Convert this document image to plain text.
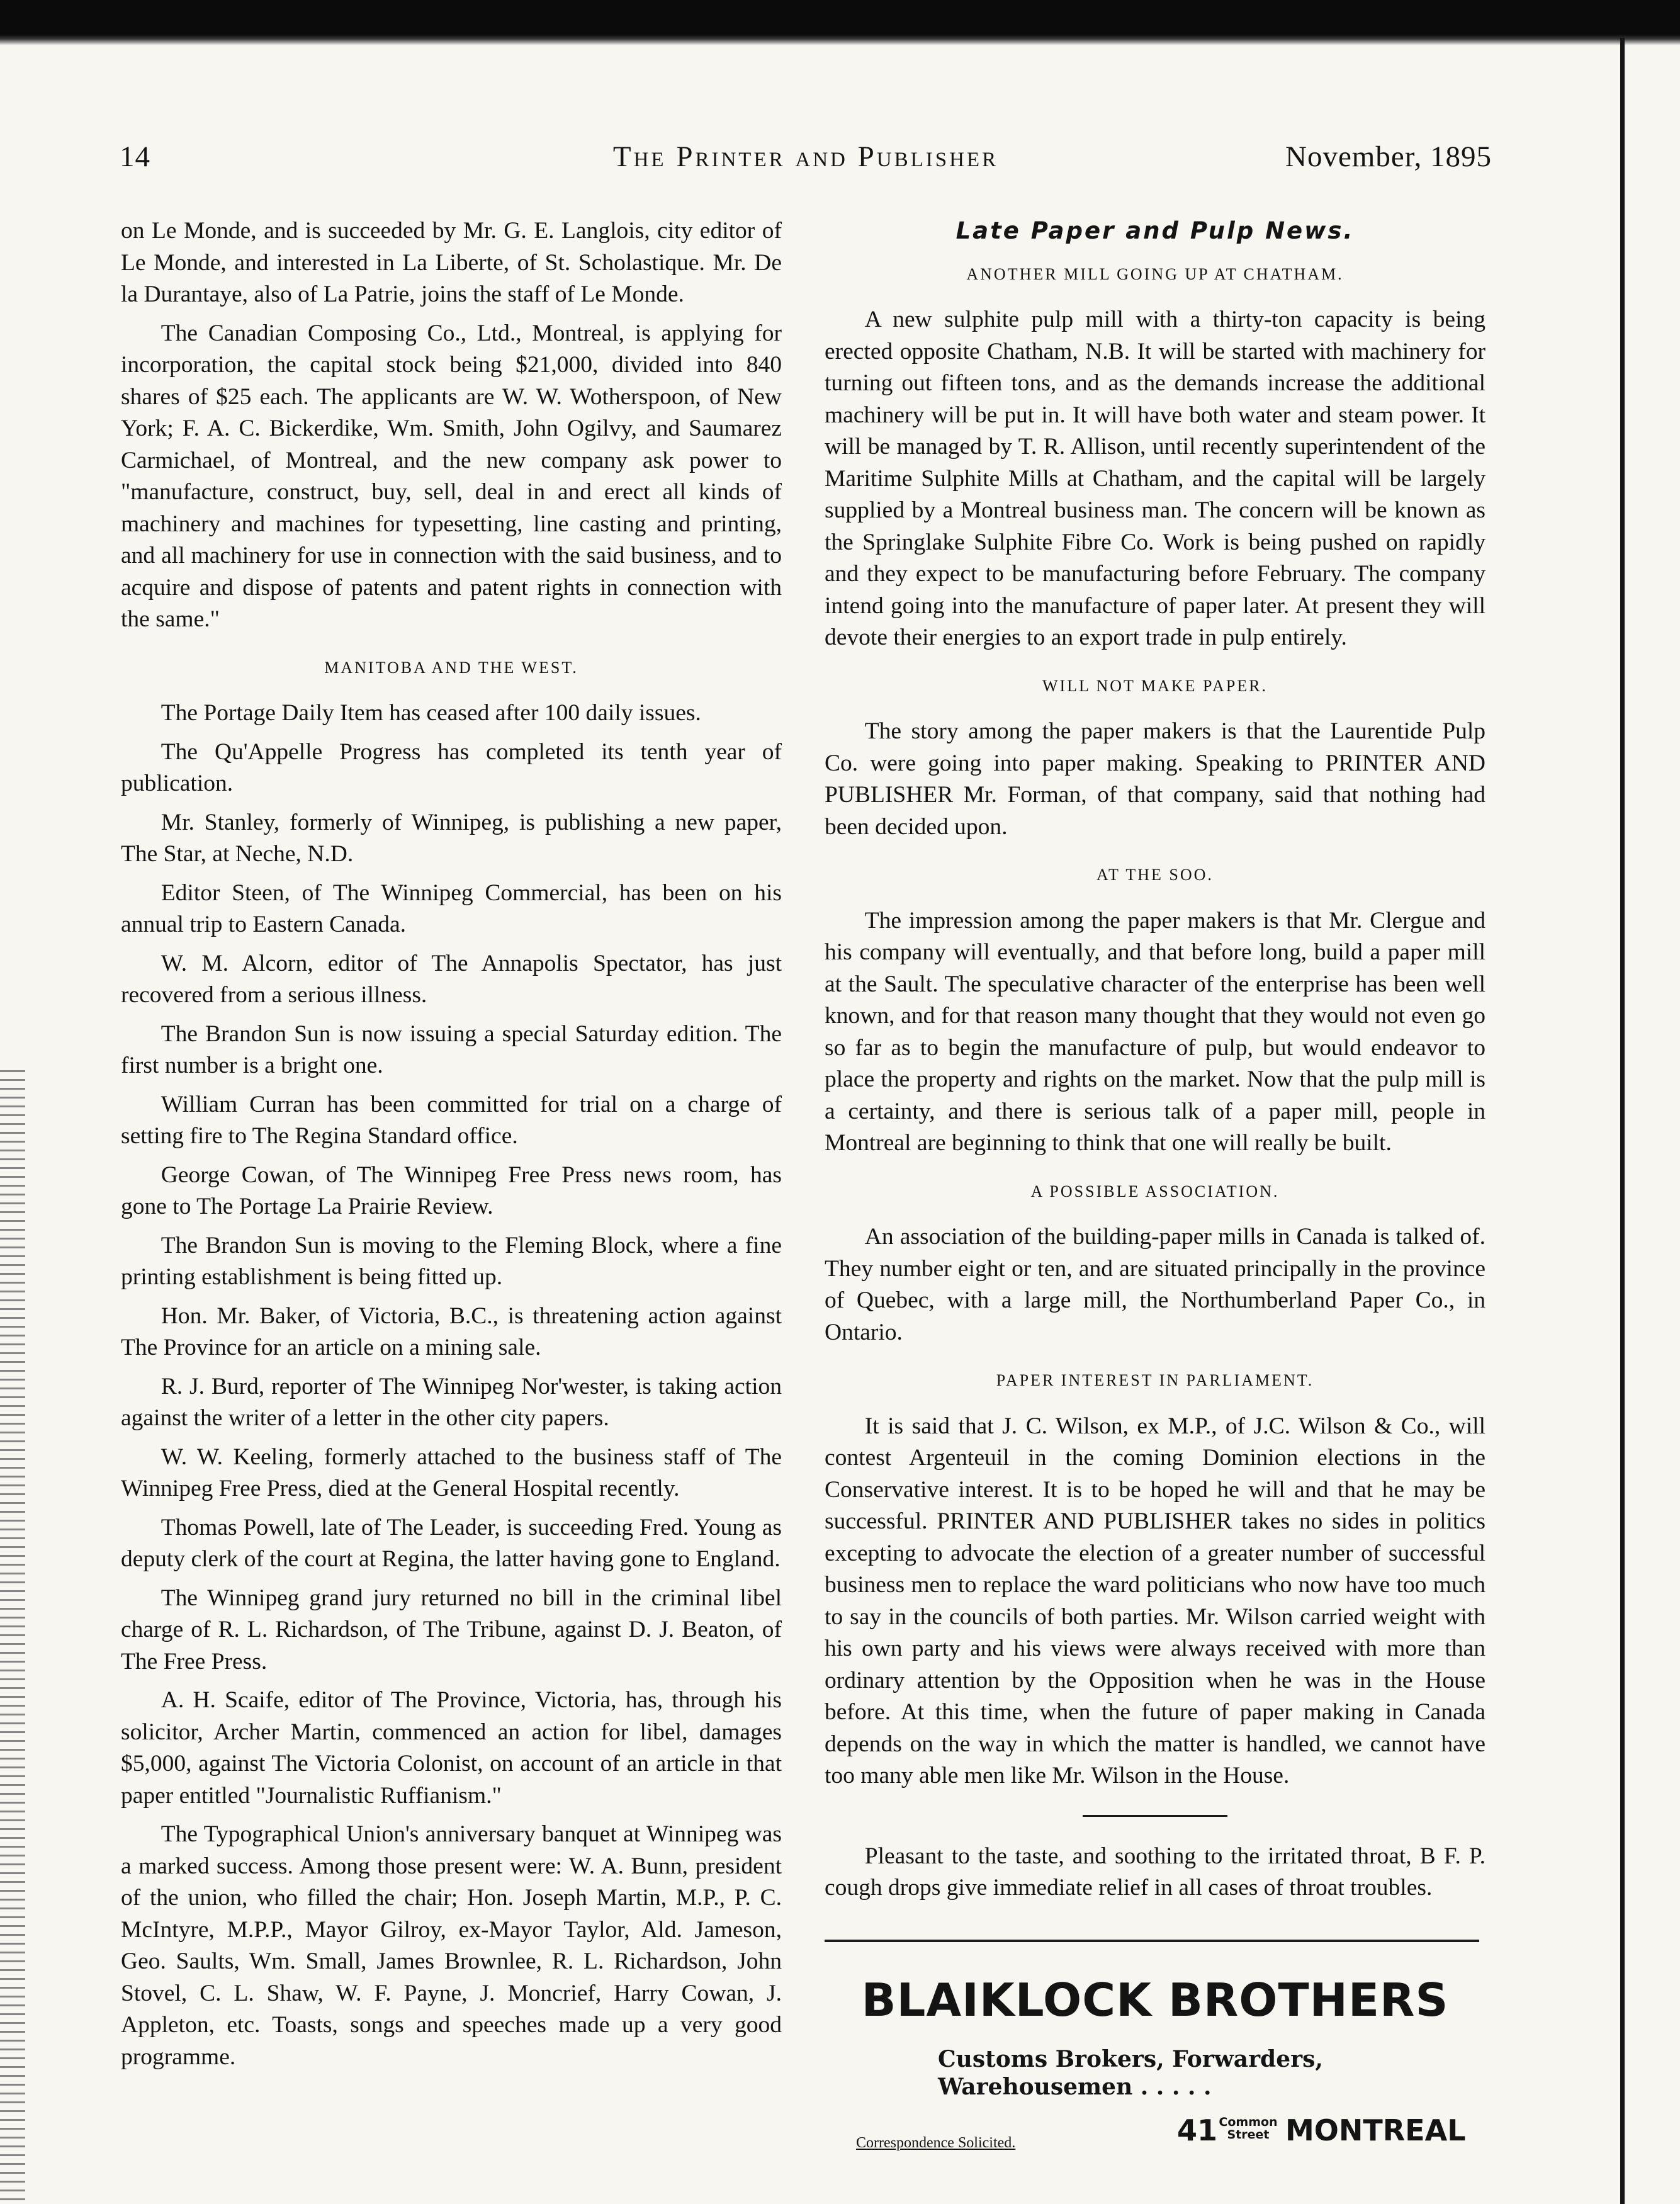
14	The Printer and Publisher	November, 1895

on Le Monde, and is succeeded by Mr. G. E. Langlois, city editor of Le Monde, and interested in La Liberte, of St. Scholastique. Mr. De la Durantaye, also of La Patrie, joins the staff of Le Monde.

The Canadian Composing Co., Ltd., Montreal, is applying for incorporation, the capital stock being $21,000, divided into 840 shares of $25 each. The applicants are W. W. Wotherspoon, of New York; F. A. C. Bickerdike, Wm. Smith, John Ogilvy, and Saumarez Carmichael, of Montreal, and the new company ask power to "manufacture, construct, buy, sell, deal in and erect all kinds of machinery and machines for typesetting, line casting and printing, and all machinery for use in connection with the said business, and to acquire and dispose of patents and patent rights in connection with the same."

MANITOBA AND THE WEST.

The Portage Daily Item has ceased after 100 daily issues.

The Qu'Appelle Progress has completed its tenth year of publication.

Mr. Stanley, formerly of Winnipeg, is publishing a new paper, The Star, at Neche, N.D.

Editor Steen, of The Winnipeg Commercial, has been on his annual trip to Eastern Canada.

W. M. Alcorn, editor of The Annapolis Spectator, has just recovered from a serious illness.

The Brandon Sun is now issuing a special Saturday edition. The first number is a bright one.

William Curran has been committed for trial on a charge of setting fire to The Regina Standard office.

George Cowan, of The Winnipeg Free Press news room, has gone to The Portage La Prairie Review.

The Brandon Sun is moving to the Fleming Block, where a fine printing establishment is being fitted up.

Hon. Mr. Baker, of Victoria, B.C., is threatening action against The Province for an article on a mining sale.

R. J. Burd, reporter of The Winnipeg Nor'wester, is taking action against the writer of a letter in the other city papers.

W. W. Keeling, formerly attached to the business staff of The Winnipeg Free Press, died at the General Hospital recently.

Thomas Powell, late of The Leader, is succeeding Fred. Young as deputy clerk of the court at Regina, the latter having gone to England.

The Winnipeg grand jury returned no bill in the criminal libel charge of R. L. Richardson, of The Tribune, against D. J. Beaton, of The Free Press.

A. H. Scaife, editor of The Province, Victoria, has, through his solicitor, Archer Martin, commenced an action for libel, damages $5,000, against The Victoria Colonist, on account of an article in that paper entitled "Journalistic Ruffianism."

The Typographical Union's anniversary banquet at Winnipeg was a marked success. Among those present were: W. A. Bunn, president of the union, who filled the chair; Hon. Joseph Martin, M.P., P. C. McIntyre, M.P.P., Mayor Gilroy, ex-Mayor Taylor, Ald. Jameson, Geo. Saults, Wm. Small, James Brownlee, R. L. Richardson, John Stovel, C. L. Shaw, W. F. Payne, J. Moncrief, Harry Cowan, J. Appleton, etc. Toasts, songs and speeches made up a very good programme.

Late Paper and Pulp News.
ANOTHER MILL GOING UP AT CHATHAM.

A new sulphite pulp mill with a thirty-ton capacity is being erected opposite Chatham, N.B. It will be started with machinery for turning out fifteen tons, and as the demands increase the additional machinery will be put in. It will have both water and steam power. It will be managed by T. R. Allison, until recently superintendent of the Maritime Sulphite Mills at Chatham, and the capital will be largely supplied by a Montreal business man. The concern will be known as the Springlake Sulphite Fibre Co. Work is being pushed on rapidly and they expect to be manufacturing before February. The company intend going into the manufacture of paper later. At present they will devote their energies to an export trade in pulp entirely.

WILL NOT MAKE PAPER.

The story among the paper makers is that the Laurentide Pulp Co. were going into paper making. Speaking to PRINTER AND PUBLISHER Mr. Forman, of that company, said that nothing had been decided upon.

AT THE SOO.

The impression among the paper makers is that Mr. Clergue and his company will eventually, and that before long, build a paper mill at the Sault. The speculative character of the enterprise has been well known, and for that reason many thought that they would not even go so far as to begin the manufacture of pulp, but would endeavor to place the property and rights on the market. Now that the pulp mill is a certainty, and there is serious talk of a paper mill, people in Montreal are beginning to think that one will really be built.

A POSSIBLE ASSOCIATION.

An association of the building-paper mills in Canada is talked of. They number eight or ten, and are situated principally in the province of Quebec, with a large mill, the Northumberland Paper Co., in Ontario.

PAPER INTEREST IN PARLIAMENT.

It is said that J. C. Wilson, ex M.P., of J.C. Wilson & Co., will contest Argenteuil in the coming Dominion elections in the Conservative interest. It is to be hoped he will and that he may be successful. PRINTER AND PUBLISHER takes no sides in politics excepting to advocate the election of a greater number of successful business men to replace the ward politicians who now have too much to say in the councils of both parties. Mr. Wilson carried weight with his own party and his views were always received with more than ordinary attention by the Opposition when he was in the House before. At this time, when the future of paper making in Canada depends on the way in which the matter is handled, we cannot have too many able men like Mr. Wilson in the House.

Pleasant to the taste, and soothing to the irritated throat, B F. P. cough drops give immediate relief in all cases of throat troubles.

BLAIKLOCK BROTHERS
Customs Brokers, Forwarders,
Warehousemen . . . . .
Correspondence Solicited.	41 Common Street MONTREAL
